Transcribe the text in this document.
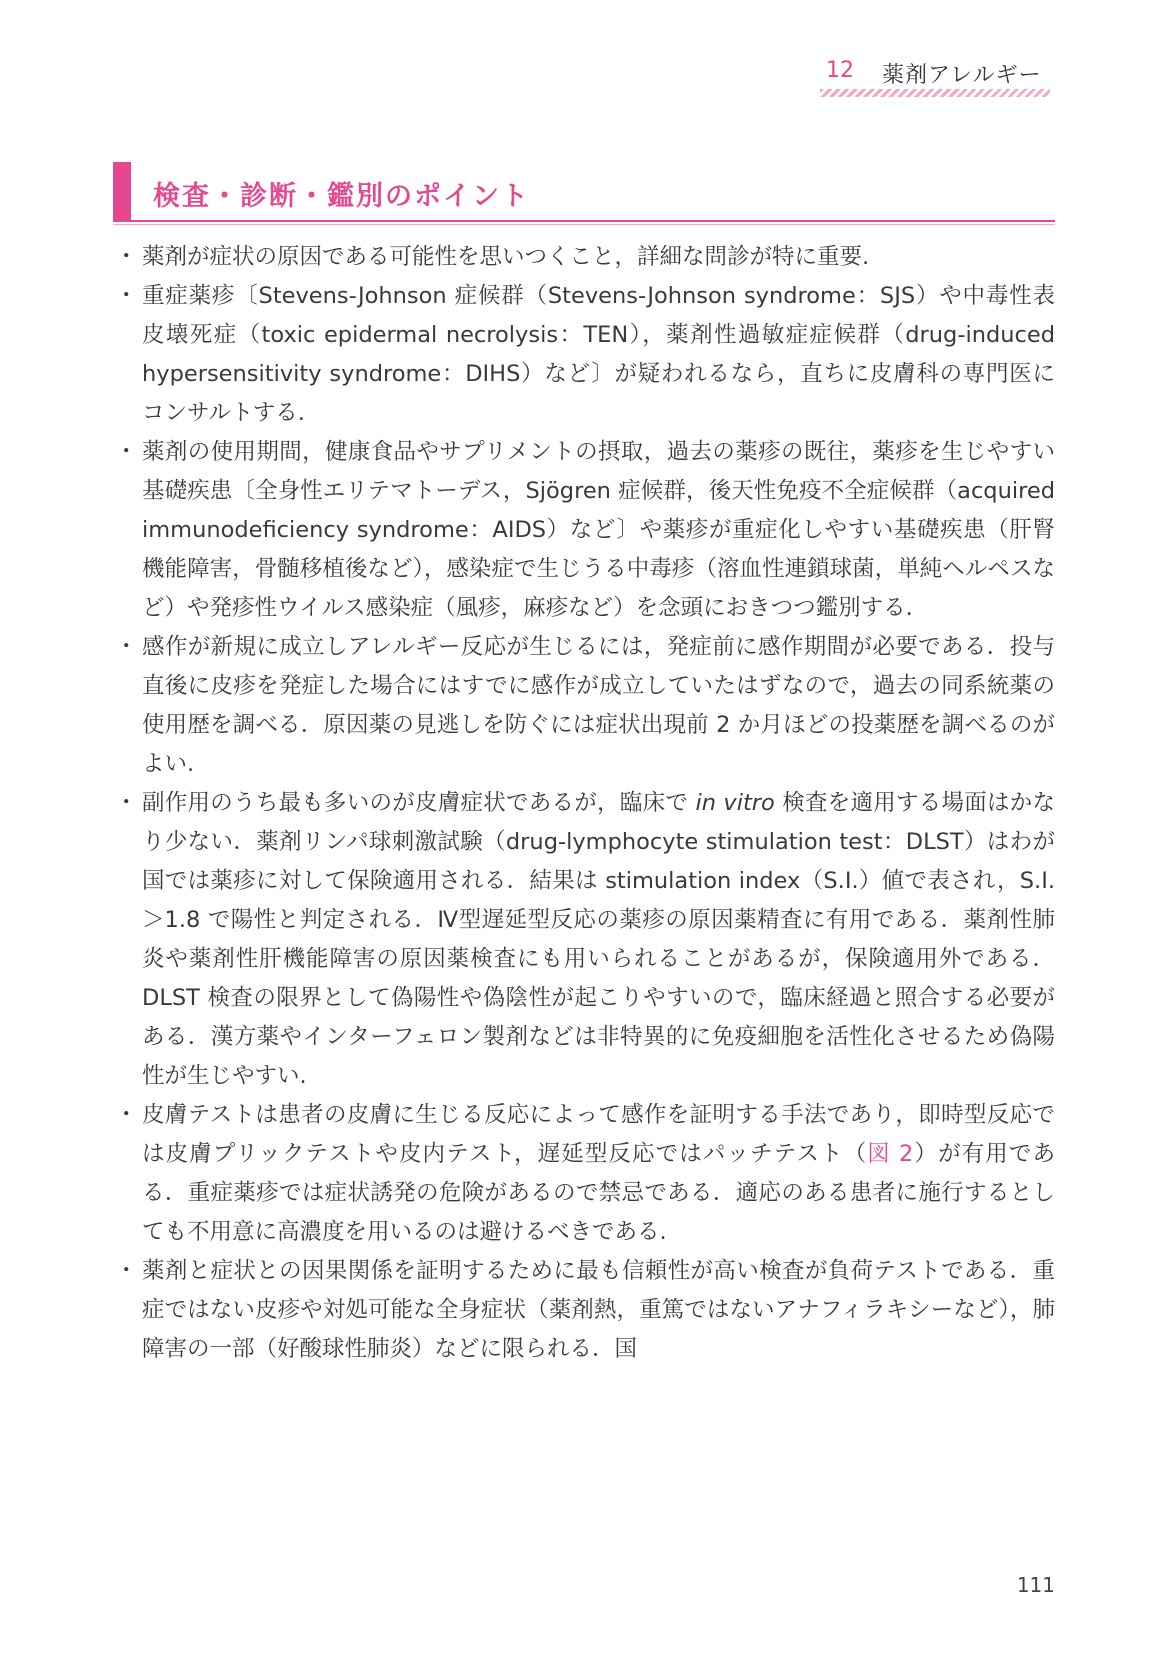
12 薬剤アレルギー
検査・診断・鑑別のポイント
・ 薬剤が症状の原因である可能性を思いつくこと，詳細な問診が特に重要.
・ 重症薬疹〔Stevens-Johnson 症候群（Stevens-Johnson syndrome：SJS）や中毒性表皮壊死症（toxic epidermal necrolysis：TEN），薬剤性過敏症症候群（drug-induced hypersensitivity syndrome：DIHS）など〕が疑われるなら，直ちに皮膚科の専門医にコンサルトする.
・ 薬剤の使用期間，健康食品やサプリメントの摂取，過去の薬疹の既往，薬疹を生じやすい基礎疾患〔全身性エリテマトーデス，Sjögren 症候群，後天性免疫不全症候群（acquired immunodeficiency syndrome：AIDS）など〕や薬疹が重症化しやすい基礎疾患（肝腎機能障害，骨髄移植後など），感染症で生じうる中毒疹（溶血性連鎖球菌，単純ヘルペスなど）や発疹性ウイルス感染症（風疹，麻疹など）を念頭におきつつ鑑別する.
・ 感作が新規に成立しアレルギー反応が生じるには，発症前に感作期間が必要である．投与直後に皮疹を発症した場合にはすでに感作が成立していたはずなので，過去の同系統薬の使用歴を調べる．原因薬の見逃しを防ぐには症状出現前 2 か月ほどの投薬歴を調べるのがよい.
・ 副作用のうち最も多いのが皮膚症状であるが，臨床で in vitro 検査を適用する場面はかなり少ない．薬剤リンパ球刺激試験（drug-lymphocyte stimulation test：DLST）はわが国では薬疹に対して保険適用される．結果は stimulation index（S.I.）値で表され，S.I.＞1.8 で陽性と判定される．Ⅳ型遅延型反応の薬疹の原因薬精査に有用である．薬剤性肺炎や薬剤性肝機能障害の原因薬検査にも用いられることがあるが，保険適用外である．DLST 検査の限界として偽陽性や偽陰性が起こりやすいので，臨床経過と照合する必要がある．漢方薬やインターフェロン製剤などは非特異的に免疫細胞を活性化させるため偽陽性が生じやすい.
・ 皮膚テストは患者の皮膚に生じる反応によって感作を証明する手法であり，即時型反応では皮膚プリックテストや皮内テスト，遅延型反応ではパッチテスト（図 2）が有用である．重症薬疹では症状誘発の危険があるので禁忌である．適応のある患者に施行するとしても不用意に高濃度を用いるのは避けるべきである.
・ 薬剤と症状との因果関係を証明するために最も信頼性が高い検査が負荷テストである．重症ではない皮疹や対処可能な全身症状（薬剤熱，重篤ではないアナフィラキシーなど），肺障害の一部（好酸球性肺炎）などに限られる．国
111
